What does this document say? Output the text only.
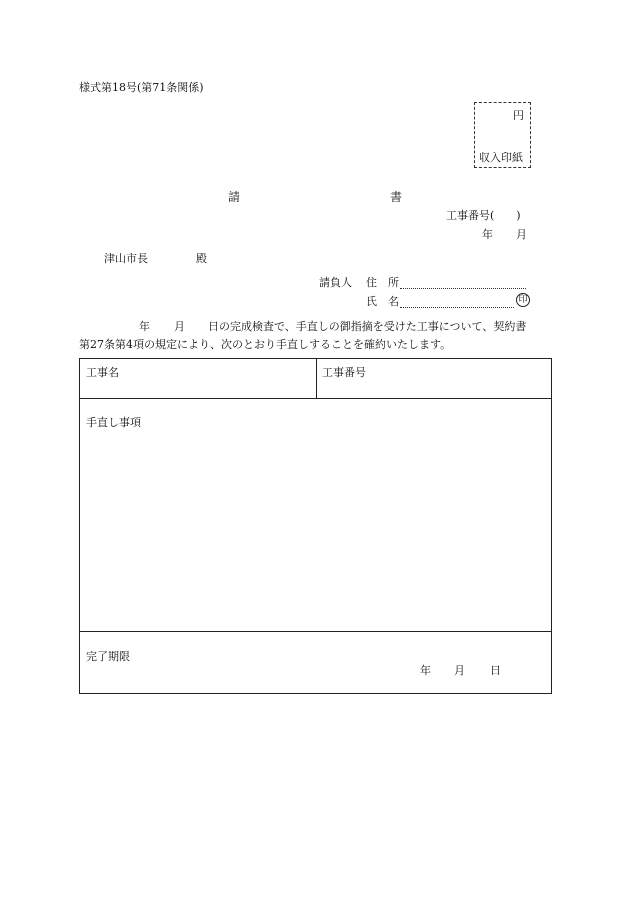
様式第18号(第71条関係)
円
収入印紙
請	書
工事番号(　　)
年 月
津山市長	殿
請負人 住　所
氏　名	印
年 月 日の完成検査で、手直しの御指摘を受けた工事について、契約書
第27条第4項の規定により、次のとおり手直しすることを確約いたします。
工事名	工事番号
手直し事項
完了期限
年 月 日
